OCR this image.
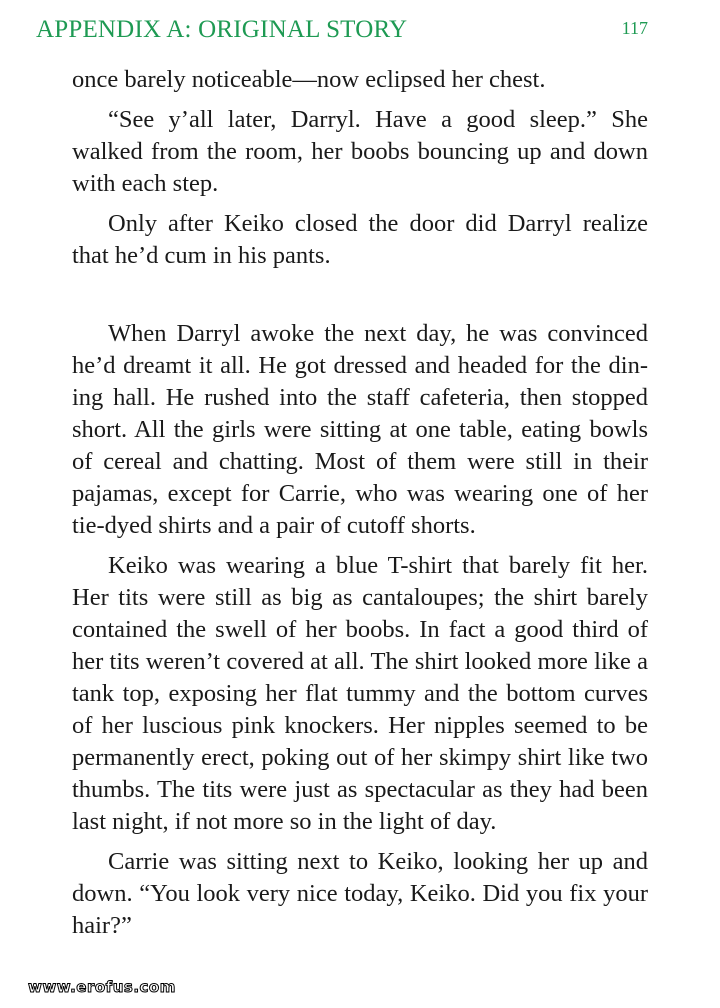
APPENDIX A: ORIGINAL STORY	117

once barely noticeable—now eclipsed her chest.

“See y’all later, Darryl. Have a good sleep.” She walked from the room, her boobs bouncing up and down with each step.

Only after Keiko closed the door did Darryl realize that he’d cum in his pants.

When Darryl awoke the next day, he was convinced he’d dreamt it all. He got dressed and headed for the dining hall. He rushed into the staff cafeteria, then stopped short. All the girls were sitting at one table, eating bowls of cereal and chatting. Most of them were still in their pajamas, except for Carrie, who was wearing one of her tie-dyed shirts and a pair of cutoff shorts.

Keiko was wearing a blue T-shirt that barely fit her. Her tits were still as big as cantaloupes; the shirt barely contained the swell of her boobs. In fact a good third of her tits weren’t covered at all. The shirt looked more like a tank top, exposing her flat tummy and the bottom curves of her luscious pink knockers. Her nipples seemed to be permanently erect, poking out of her skimpy shirt like two thumbs. The tits were just as spectacular as they had been last night, if not more so in the light of day.

Carrie was sitting next to Keiko, looking her up and down. “You look very nice today, Keiko. Did you fix your hair?”

www.erofus.com
